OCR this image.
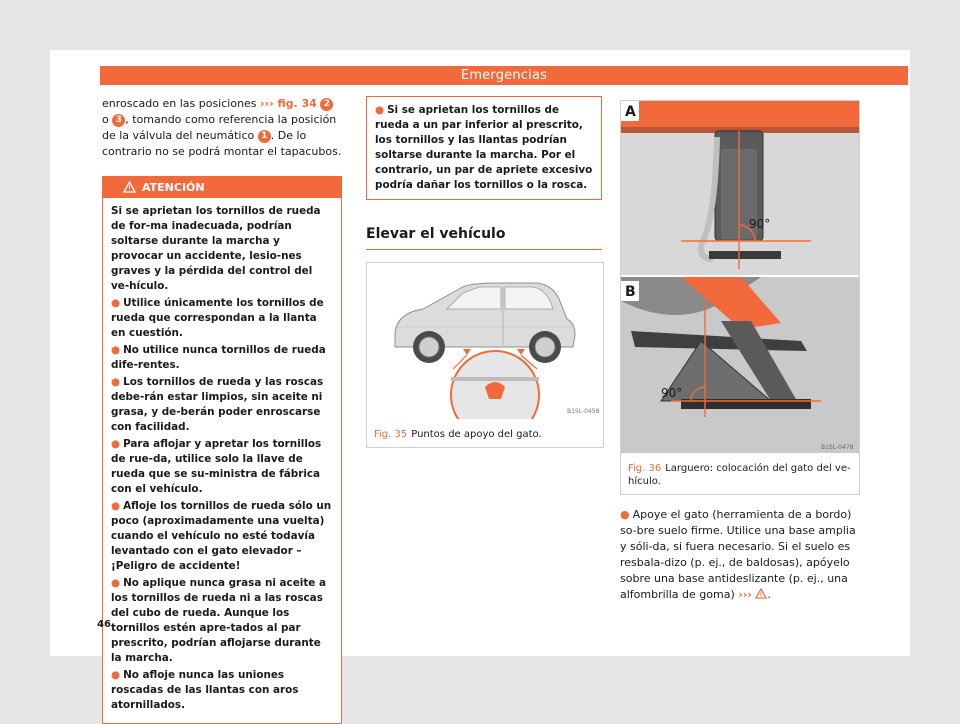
Emergencias

enroscado en las posiciones ››› fig. 34 2 o 3 , tomando como referencia la posición de la válvula del neumático 1 . De lo contrario no se podrá montar el tapacubos.

ATENCIÓN

Si se aprietan los tornillos de rueda de for-ma inadecuada, podrían soltarse durante la marcha y provocar un accidente, lesio-nes graves y la pérdida del control del ve-hículo.

● Utilice únicamente los tornillos de rueda que correspondan a la llanta en cuestión.

● No utilice nunca tornillos de rueda dife-rentes.

● Los tornillos de rueda y las roscas debe-rán estar limpios, sin aceite ni grasa, y de-berán poder enroscarse con facilidad.

● Para aflojar y apretar los tornillos de rue-da, utilice solo la llave de rueda que se su-ministra de fábrica con el vehículo.

● Afloje los tornillos de rueda sólo un poco (aproximadamente una vuelta) cuando el vehículo no esté todavía levantado con el gato elevador – ¡Peligro de accidente!

● No aplique nunca grasa ni aceite a los tornillos de rueda ni a las roscas del cubo de rueda. Aunque los tornillos estén apre-tados al par prescrito, podrían aflojarse durante la marcha.

● No afloje nunca las uniones roscadas de las llantas con aros atornillados.

● Si se aprietan los tornillos de rueda a un par inferior al prescrito, los tornillos y las llantas podrían soltarse durante la marcha. Por el contrario, un par de apriete excesivo podría dañar los tornillos o la rosca.
Elevar el vehículo
B1SL-0458
Fig. 35 Puntos de apoyo del gato.
90°
A
90°
B
B1SL-0478
Fig. 36 Larguero: colocación del gato del ve-hículo.

● Apoye el gato (herramienta de a bordo) so-bre suelo firme. Utilice una base amplia y sóli-da, si fuera necesario. Si el suelo es resbala-dizo (p. ej., de baldosas), apóyelo sobre una base antideslizante (p. ej., una alfombrilla de goma) ››› .

46
